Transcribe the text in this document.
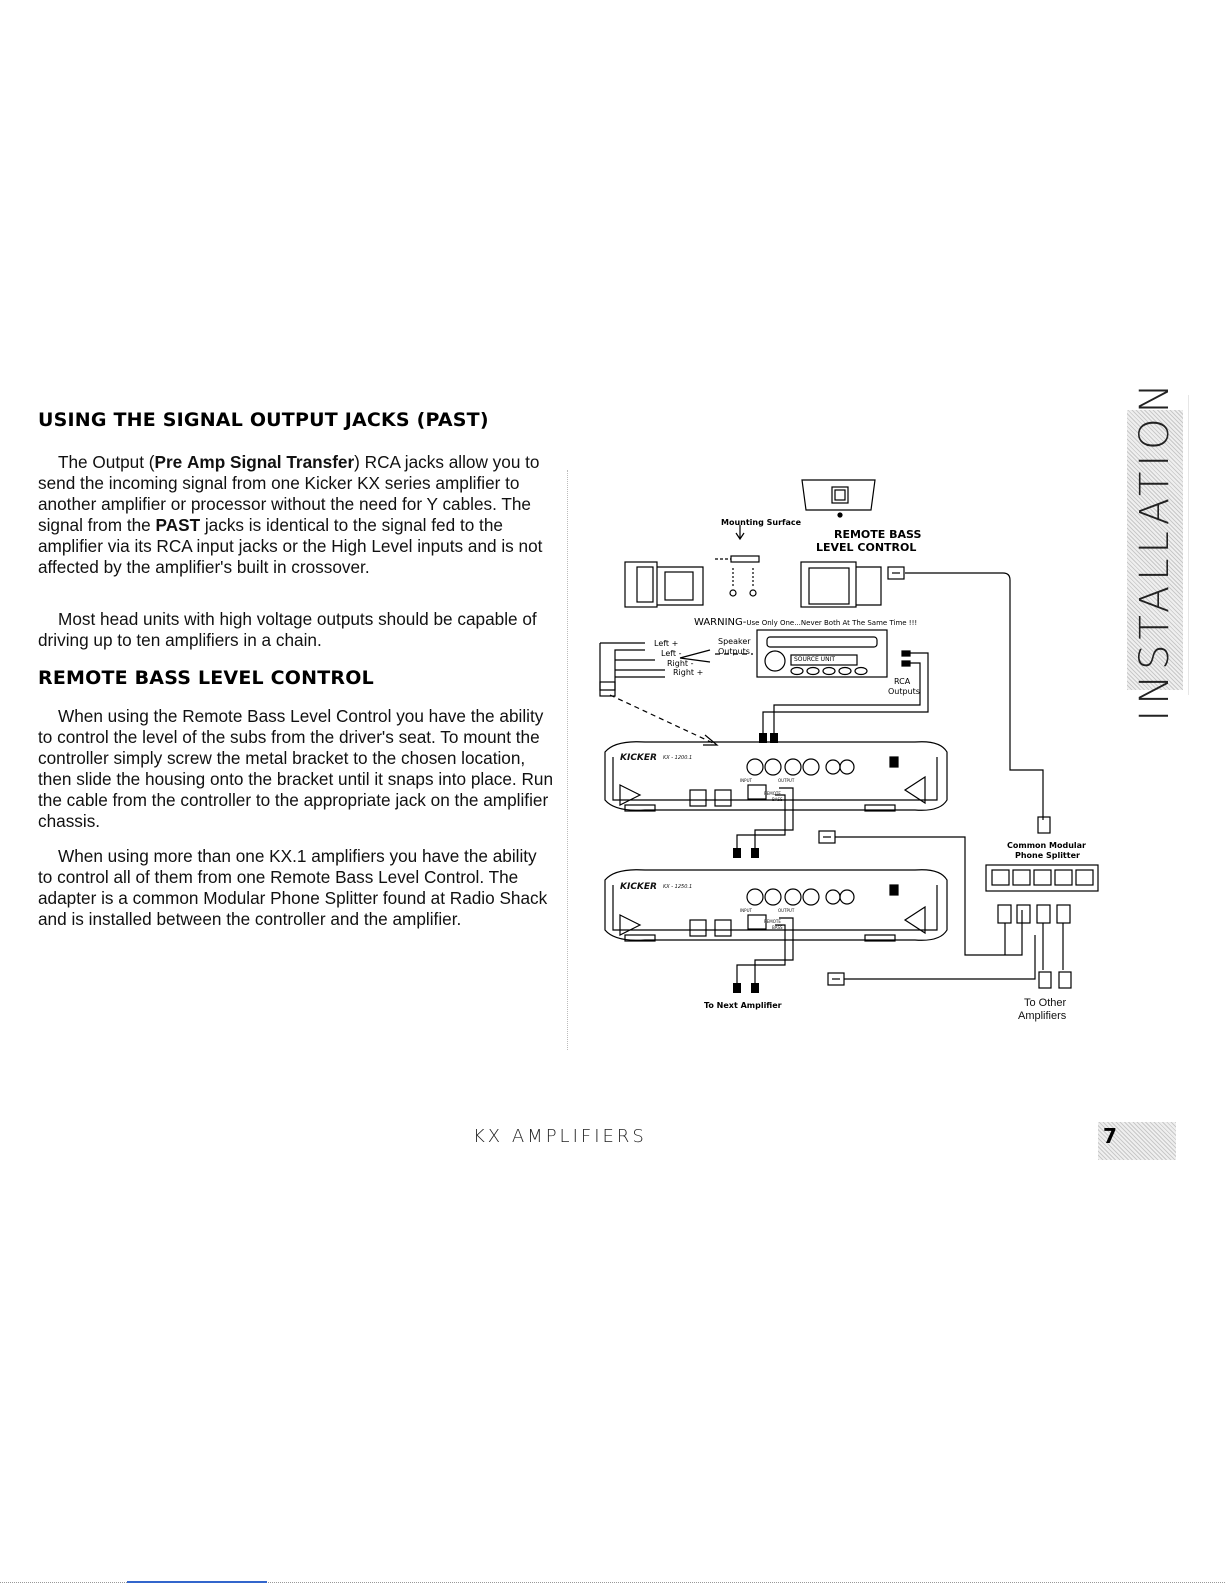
USING THE SIGNAL OUTPUT JACKS (PAST)

The Output (Pre Amp Signal Transfer) RCA jacks allow you to send the incoming signal from one Kicker KX series amplifier to another amplifier or processor without the need for Y cables. The signal from the PAST jacks is identical to the signal fed to the amplifier via its RCA input jacks or the High Level inputs and is not affected by the amplifier's built in crossover.

Most head units with high voltage outputs should be capable of driving up to ten amplifiers in a chain.

REMOTE BASS LEVEL CONTROL

When using the Remote Bass Level Control you have the ability to control the level of the subs from the driver's seat. To mount the controller simply screw the metal bracket to the chosen location, then slide the housing onto the bracket until it snaps into place. Run the cable from the controller to the appropriate jack on the amplifier chassis.

When using more than one KX.1 amplifiers you have the ability to control all of them from one Remote Bass Level Control. The adapter is a common Modular Phone Splitter found at Radio Shack and is installed between the controller and the amplifier.

INSTALLATION
Mounting Surface
REMOTE BASS
LEVEL CONTROL
WARNING-Use Only One...Never Both At The Same Time !!!
Left +
Left -
Right -
Right +
Speaker
Outputs
SOURCE UNIT
RCA
Outputs
KICKER KX - 1200.1
INPUT	OUTPUT
REMOTE
BASS
KICKER KX - 1250.1
INPUT	OUTPUT
REMOTE
BASS
Common Modular
Phone Splitter
To Next Amplifier	To Other
Amplifiers
KX AMPLIFIERS	7
